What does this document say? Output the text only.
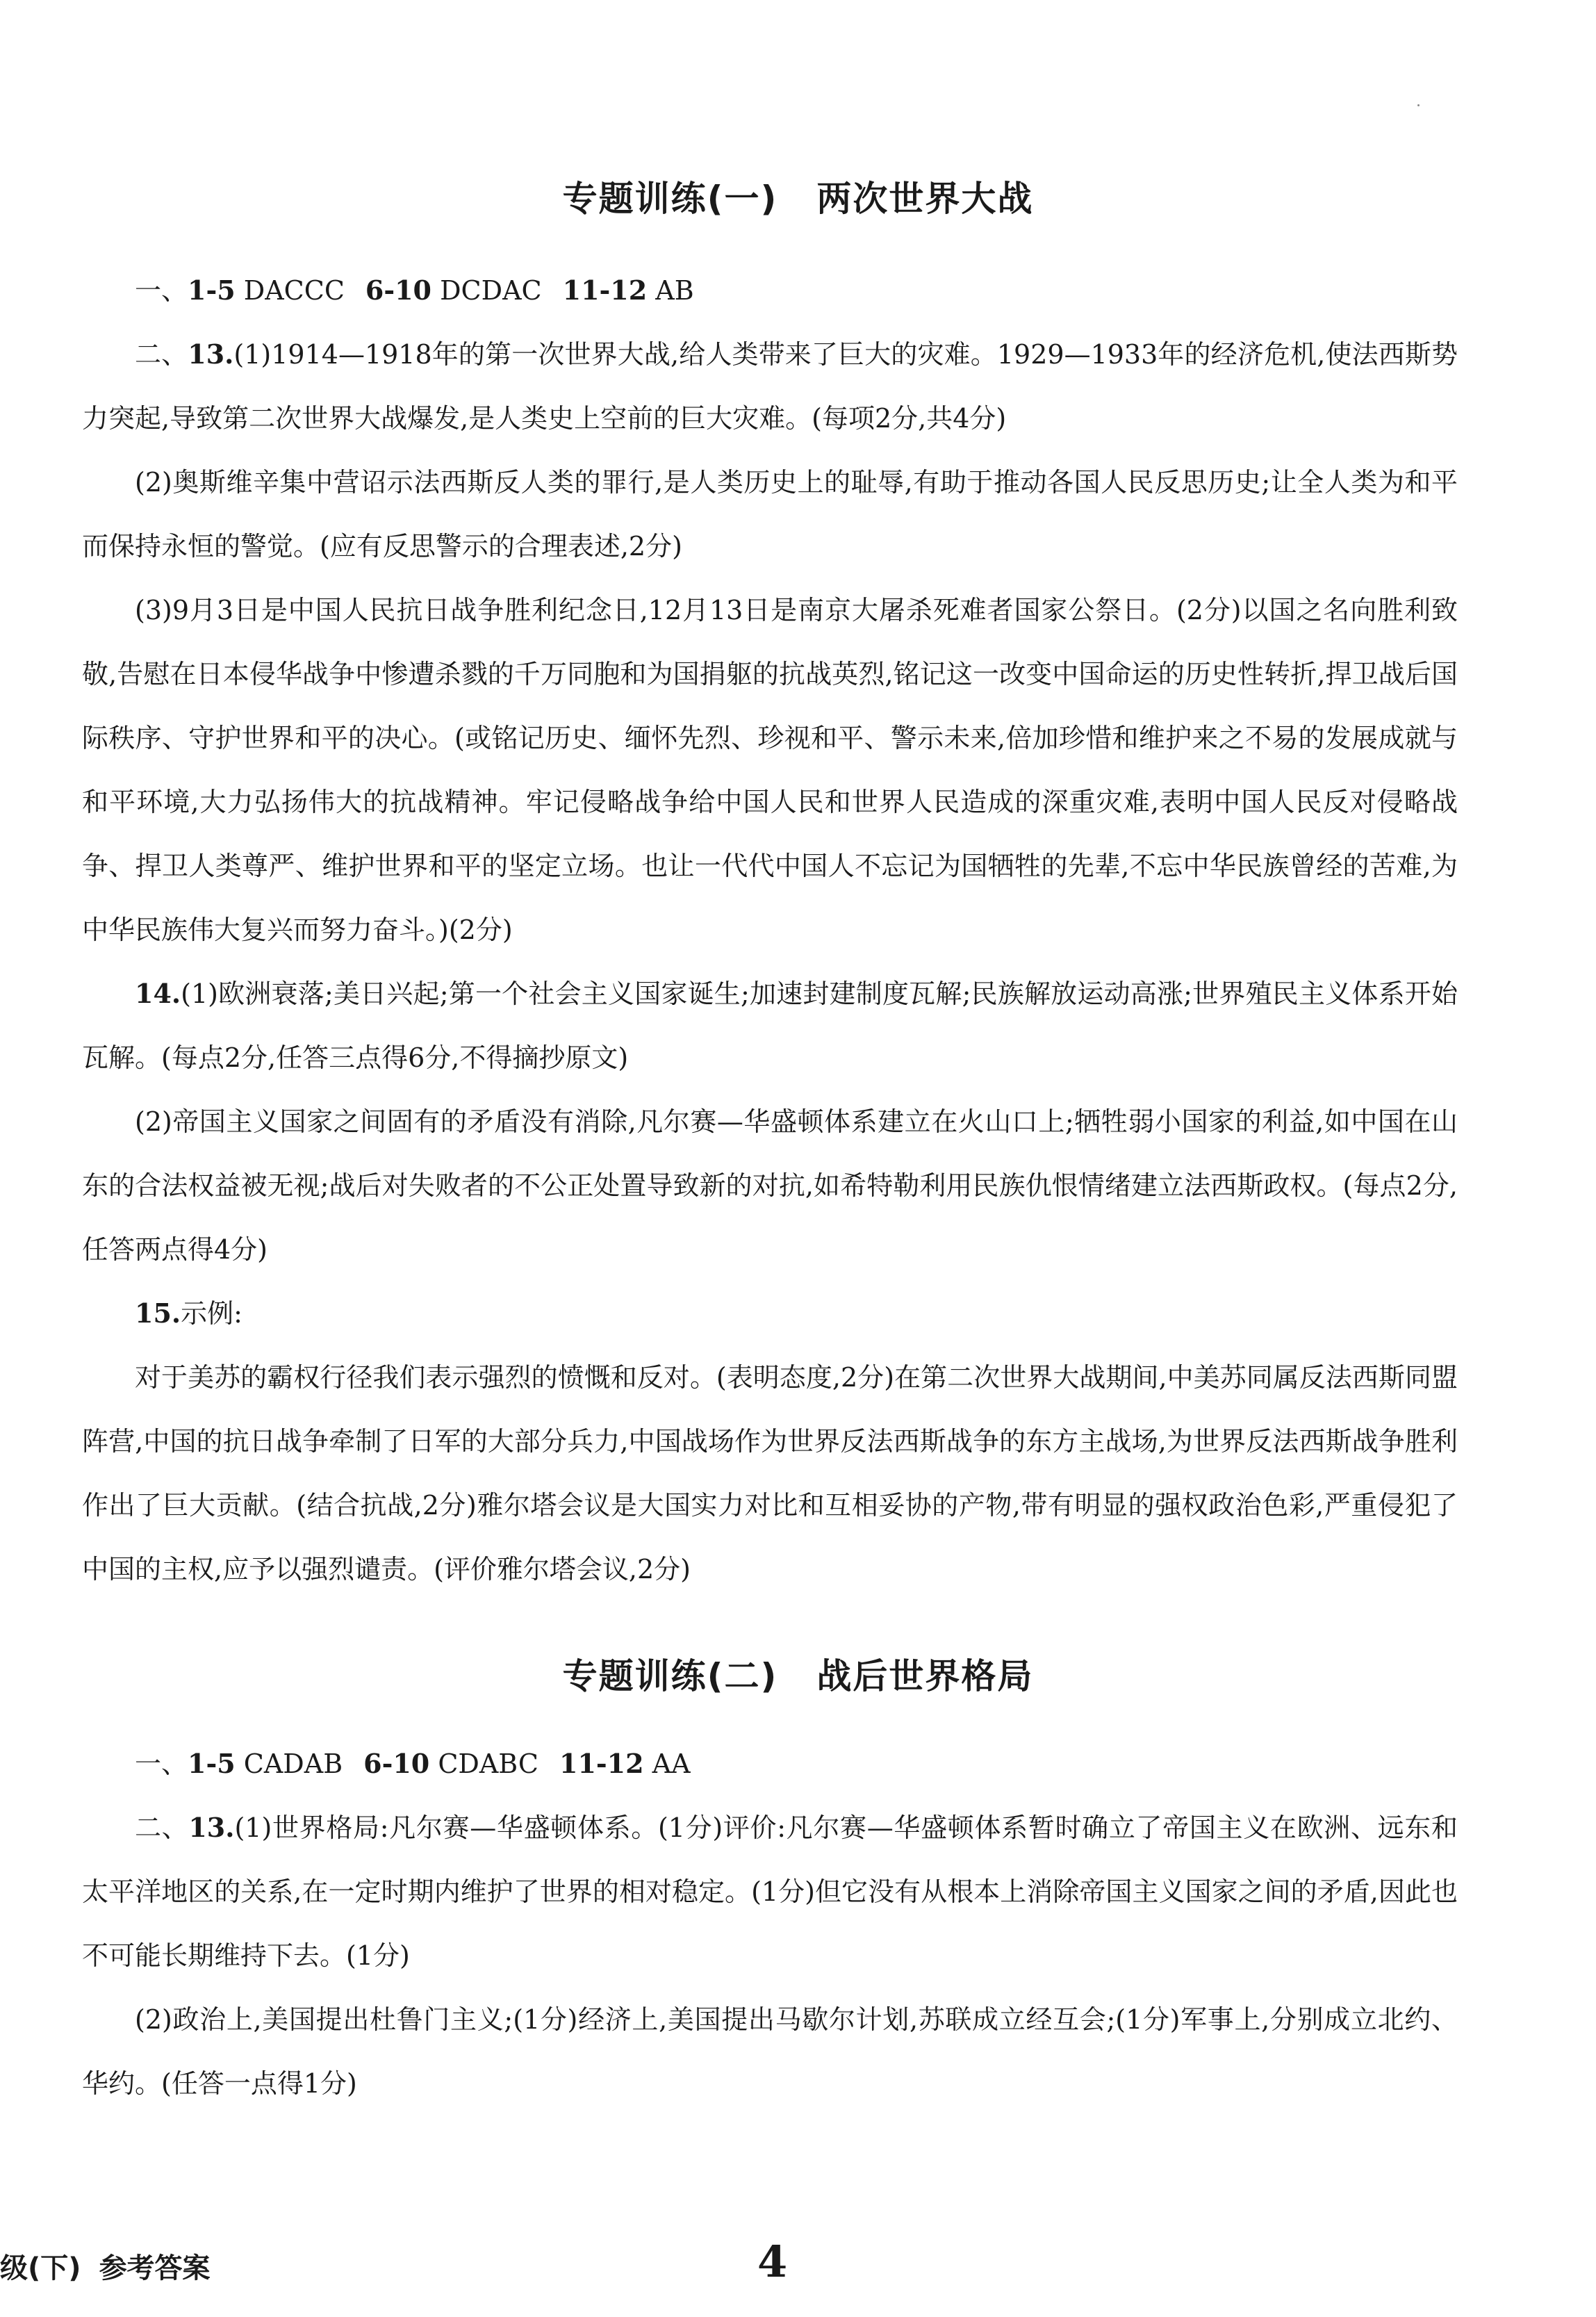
专题训练(一) 两次世界大战

一、1-5 DACCC 6-10 DCDAC 11-12 AB

二、13.(1)1914—1918年的第一次世界大战,给人类带来了巨大的灾难。1929—1933年的经济危机,使法西斯势力突起,导致第二次世界大战爆发,是人类史上空前的巨大灾难。(每项2分,共4分)

(2)奥斯维辛集中营诏示法西斯反人类的罪行,是人类历史上的耻辱,有助于推动各国人民反思历史;让全人类为和平而保持永恒的警觉。(应有反思警示的合理表述,2分)

(3)9月3日是中国人民抗日战争胜利纪念日,12月13日是南京大屠杀死难者国家公祭日。(2分)以国之名向胜利致敬,告慰在日本侵华战争中惨遭杀戮的千万同胞和为国捐躯的抗战英烈,铭记这一改变中国命运的历史性转折,捍卫战后国际秩序、守护世界和平的决心。(或铭记历史、缅怀先烈、珍视和平、警示未来,倍加珍惜和维护来之不易的发展成就与和平环境,大力弘扬伟大的抗战精神。牢记侵略战争给中国人民和世界人民造成的深重灾难,表明中国人民反对侵略战争、捍卫人类尊严、维护世界和平的坚定立场。也让一代代中国人不忘记为国牺牲的先辈,不忘中华民族曾经的苦难,为中华民族伟大复兴而努力奋斗。)(2分)

14.(1)欧洲衰落;美日兴起;第一个社会主义国家诞生;加速封建制度瓦解;民族解放运动高涨;世界殖民主义体系开始瓦解。(每点2分,任答三点得6分,不得摘抄原文)

(2)帝国主义国家之间固有的矛盾没有消除,凡尔赛—华盛顿体系建立在火山口上;牺牲弱小国家的利益,如中国在山东的合法权益被无视;战后对失败者的不公正处置导致新的对抗,如希特勒利用民族仇恨情绪建立法西斯政权。(每点2分,任答两点得4分)

15.示例:

对于美苏的霸权行径我们表示强烈的愤慨和反对。(表明态度,2分)在第二次世界大战期间,中美苏同属反法西斯同盟阵营,中国的抗日战争牵制了日军的大部分兵力,中国战场作为世界反法西斯战争的东方主战场,为世界反法西斯战争胜利作出了巨大贡献。(结合抗战,2分)雅尔塔会议是大国实力对比和互相妥协的产物,带有明显的强权政治色彩,严重侵犯了中国的主权,应予以强烈谴责。(评价雅尔塔会议,2分)

专题训练(二) 战后世界格局

一、1-5 CADAB 6-10 CDABC 11-12 AA

二、13.(1)世界格局:凡尔赛—华盛顿体系。(1分)评价:凡尔赛—华盛顿体系暂时确立了帝国主义在欧洲、远东和太平洋地区的关系,在一定时期内维护了世界的相对稳定。(1分)但它没有从根本上消除帝国主义国家之间的矛盾,因此也不可能长期维持下去。(1分)

(2)政治上,美国提出杜鲁门主义;(1分)经济上,美国提出马歇尔计划,苏联成立经互会;(1分)军事上,分别成立北约、华约。(任答一点得1分)

级(下) 参考答案	4
